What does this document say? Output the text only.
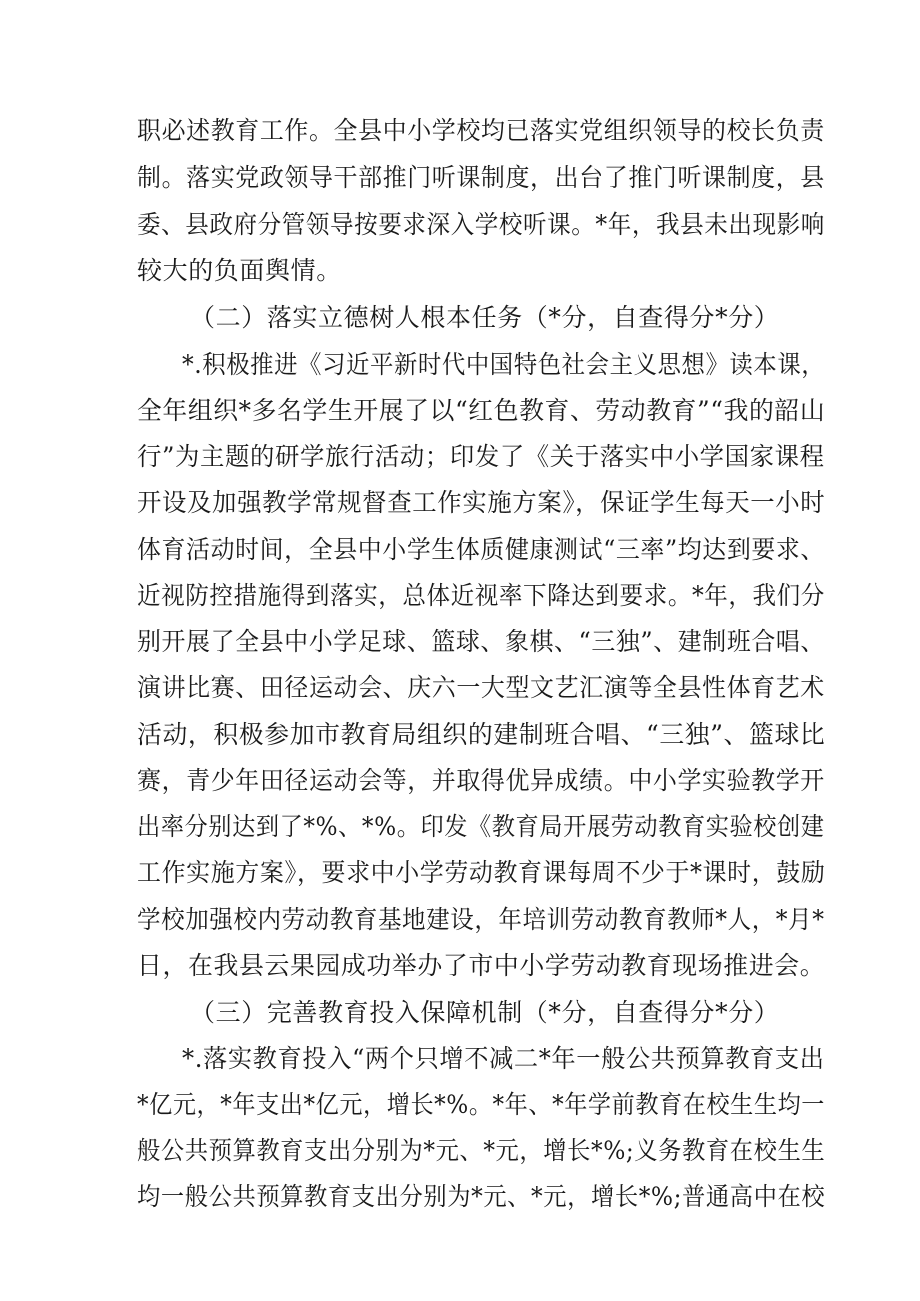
职必述教育工作。全县中小学校均已落实党组织领导的校长负责
制。落实党政领导干部推门听课制度，出台了推门听课制度，县
委、县政府分管领导按要求深入学校听课。*年，我县未出现影响
较大的负面舆情。
（二）落实立德树人根本任务（*分，自查得分*分）
*.积极推进《习近平新时代中国特色社会主义思想》读本课，
全年组织*多名学生开展了以“红色教育、劳动教育”“我的韶山
行”为主题的研学旅行活动；印发了《关于落实中小学国家课程
开设及加强教学常规督查工作实施方案》，保证学生每天一小时
体育活动时间，全县中小学生体质健康测试“三率”均达到要求、
近视防控措施得到落实，总体近视率下降达到要求。*年，我们分
别开展了全县中小学足球、篮球、象棋、“三独”、建制班合唱、
演讲比赛、田径运动会、庆六一大型文艺汇演等全县性体育艺术
活动，积极参加市教育局组织的建制班合唱、“三独”、篮球比
赛，青少年田径运动会等，并取得优异成绩。中小学实验教学开
出率分别达到了*%、*%。印发《教育局开展劳动教育实验校创建
工作实施方案》，要求中小学劳动教育课每周不少于*课时，鼓励
学校加强校内劳动教育基地建设，年培训劳动教育教师*人，*月*
日，在我县云果园成功举办了市中小学劳动教育现场推进会。
（三）完善教育投入保障机制（*分，自查得分*分）
*.落实教育投入“两个只增不减二*年一般公共预算教育支出
*亿元，*年支出*亿元，增长*%。*年、*年学前教育在校生生均一
般公共预算教育支出分别为*元、*元，增长*%;义务教育在校生生
均一般公共预算教育支出分别为*元、*元，增长*%;普通高中在校
